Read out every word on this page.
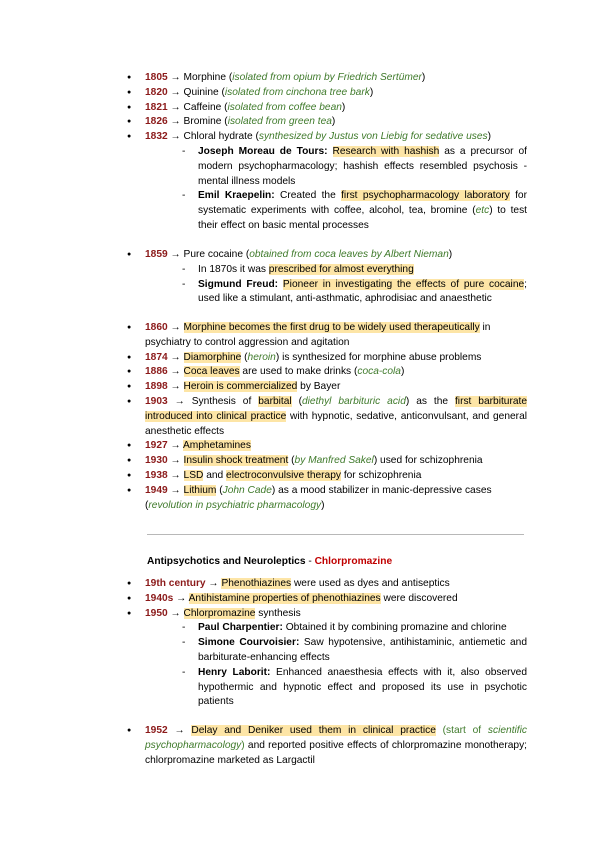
● 1805 → Morphine (isolated from opium by Friedrich Sertümer)
● 1820 → Quinine (isolated from cinchona tree bark)
● 1821 → Caffeine (isolated from coffee bean)
● 1826 → Bromine (isolated from green tea)
● 1832 → Chloral hydrate (synthesized by Justus von Liebig for sedative uses)
- Joseph Moreau de Tours: Research with hashish as a precursor of modern psychopharmacology; hashish effects resembled psychosis - mental illness models
- Emil Kraepelin: Created the first psychopharmacology laboratory for systematic experiments with coffee, alcohol, tea, bromine (etc) to test their effect on basic mental processes
● 1859 → Pure cocaine (obtained from coca leaves by Albert Nieman)
- In 1870s it was prescribed for almost everything
- Sigmund Freud: Pioneer in investigating the effects of pure cocaine; used like a stimulant, anti-asthmatic, aphrodisiac and anaesthetic
● 1860 → Morphine becomes the first drug to be widely used therapeutically in psychiatry to control aggression and agitation
● 1874 → Diamorphine (heroin) is synthesized for morphine abuse problems
● 1886 → Coca leaves are used to make drinks (coca-cola)
● 1898 → Heroin is commercialized by Bayer
● 1903 → Synthesis of barbital (diethyl barbituric acid) as the first barbiturate introduced into clinical practice with hypnotic, sedative, anticonvulsant, and general anesthetic effects
● 1927 → Amphetamines
● 1930 → Insulin shock treatment (by Manfred Sakel) used for schizophrenia
● 1938 → LSD and electroconvulsive therapy for schizophrenia
● 1949 → Lithium (John Cade) as a mood stabilizer in manic-depressive cases (revolution in psychiatric pharmacology)
Antipsychotics and Neuroleptics - Chlorpromazine
● 19th century → Phenothiazines were used as dyes and antiseptics
● 1940s → Antihistamine properties of phenothiazines were discovered
● 1950 → Chlorpromazine synthesis
- Paul Charpentier: Obtained it by combining promazine and chlorine
- Simone Courvoisier: Saw hypotensive, antihistaminic, antiemetic and barbiturate-enhancing effects
- Henry Laborit: Enhanced anaesthesia effects with it, also observed hypothermic and hypnotic effect and proposed its use in psychotic patients
● 1952 → Delay and Deniker used them in clinical practice (start of scientific psychopharmacology) and reported positive effects of chlorpromazine monotherapy; chlorpromazine marketed as Largactil
